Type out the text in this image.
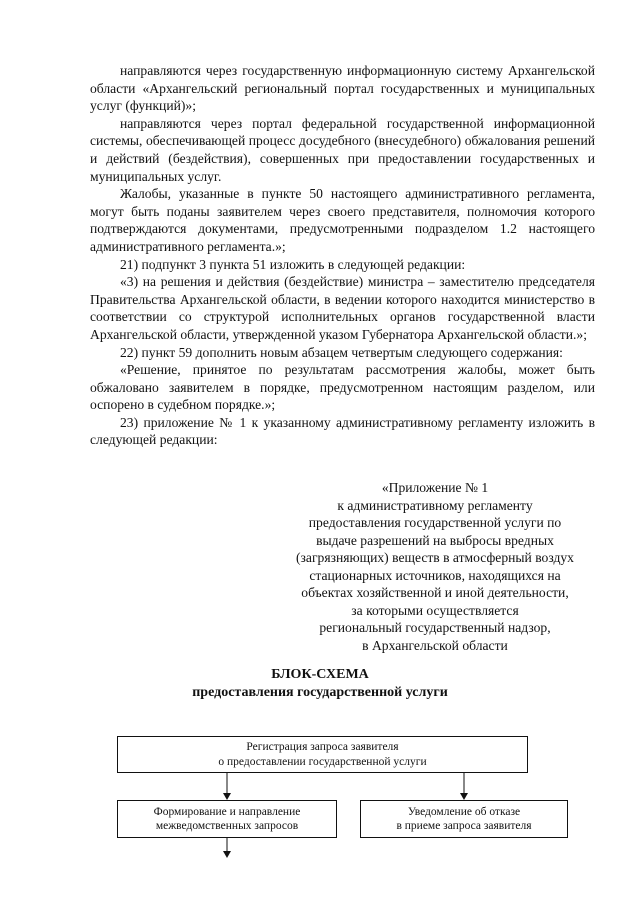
направляются через государственную информационную систему Архангельской области «Архангельский региональный портал государственных и муниципальных услуг (функций)»;

направляются через портал федеральной государственной информационной системы, обеспечивающей процесс досудебного (внесудебного) обжалования решений и действий (бездействия), совершенных при предоставлении государственных и муниципальных услуг.

Жалобы, указанные в пункте 50 настоящего административного регламента, могут быть поданы заявителем через своего представителя, полномочия которого подтверждаются документами, предусмотренными подразделом 1.2 настоящего административного регламента.»;

21) подпункт 3 пункта 51 изложить в следующей редакции:

«3) на решения и действия (бездействие) министра – заместителю председателя Правительства Архангельской области, в ведении которого находится министерство в соответствии со структурой исполнительных органов государственной власти Архангельской области, утвержденной указом Губернатора Архангельской области.»;

22) пункт 59 дополнить новым абзацем четвертым следующего содержания:

«Решение, принятое по результатам рассмотрения жалобы, может быть обжаловано заявителем в порядке, предусмотренном настоящим разделом, или оспорено в судебном порядке.»;

23) приложение № 1 к указанному административному регламенту изложить в следующей редакции:

«Приложение № 1
к административному регламенту
предоставления государственной услуги по
выдаче разрешений на выбросы вредных
(загрязняющих) веществ в атмосферный воздух
стационарных источников, находящихся на
объектах хозяйственной и иной деятельности,
за которыми осуществляется
региональный государственный надзор,
в Архангельской области
БЛОК-СХЕМА
предоставления государственной услуги
Регистрация запроса заявителя
о предоставлении государственной услуги
Формирование и направление
межведомственных запросов
Уведомление об отказе
в приеме запроса заявителя
